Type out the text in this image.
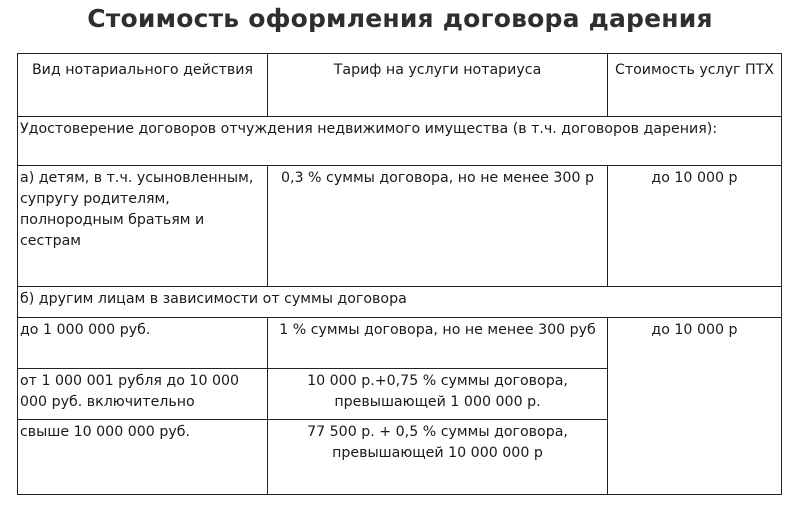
Стоимость оформления договора дарения
Вид нотариального действия	Тариф на услуги нотариуса	Стоимость услуг ПТХ
Удостоверение договоров отчуждения недвижимого имущества (в т.ч. договоров дарения):		
а) детям, в т.ч. усыновленным, супругу родителям, полнородным братьям и сестрам	0,3 % суммы договора, но не менее 300 р	до 10 000 р
б) другим лицам в зависимости от суммы договора		
до 1 000 000 руб.	1 % суммы договора, но не менее 300 руб	до 10 000 р
от 1 000 001 рубля до 10 000 000 руб. включительно	10 000 р.+0,75 % суммы договора, превышающей 1 000 000 р.	
свыше 10 000 000 руб.	77 500 р. + 0,5 % суммы договора, превышающей 10 000 000 р	
